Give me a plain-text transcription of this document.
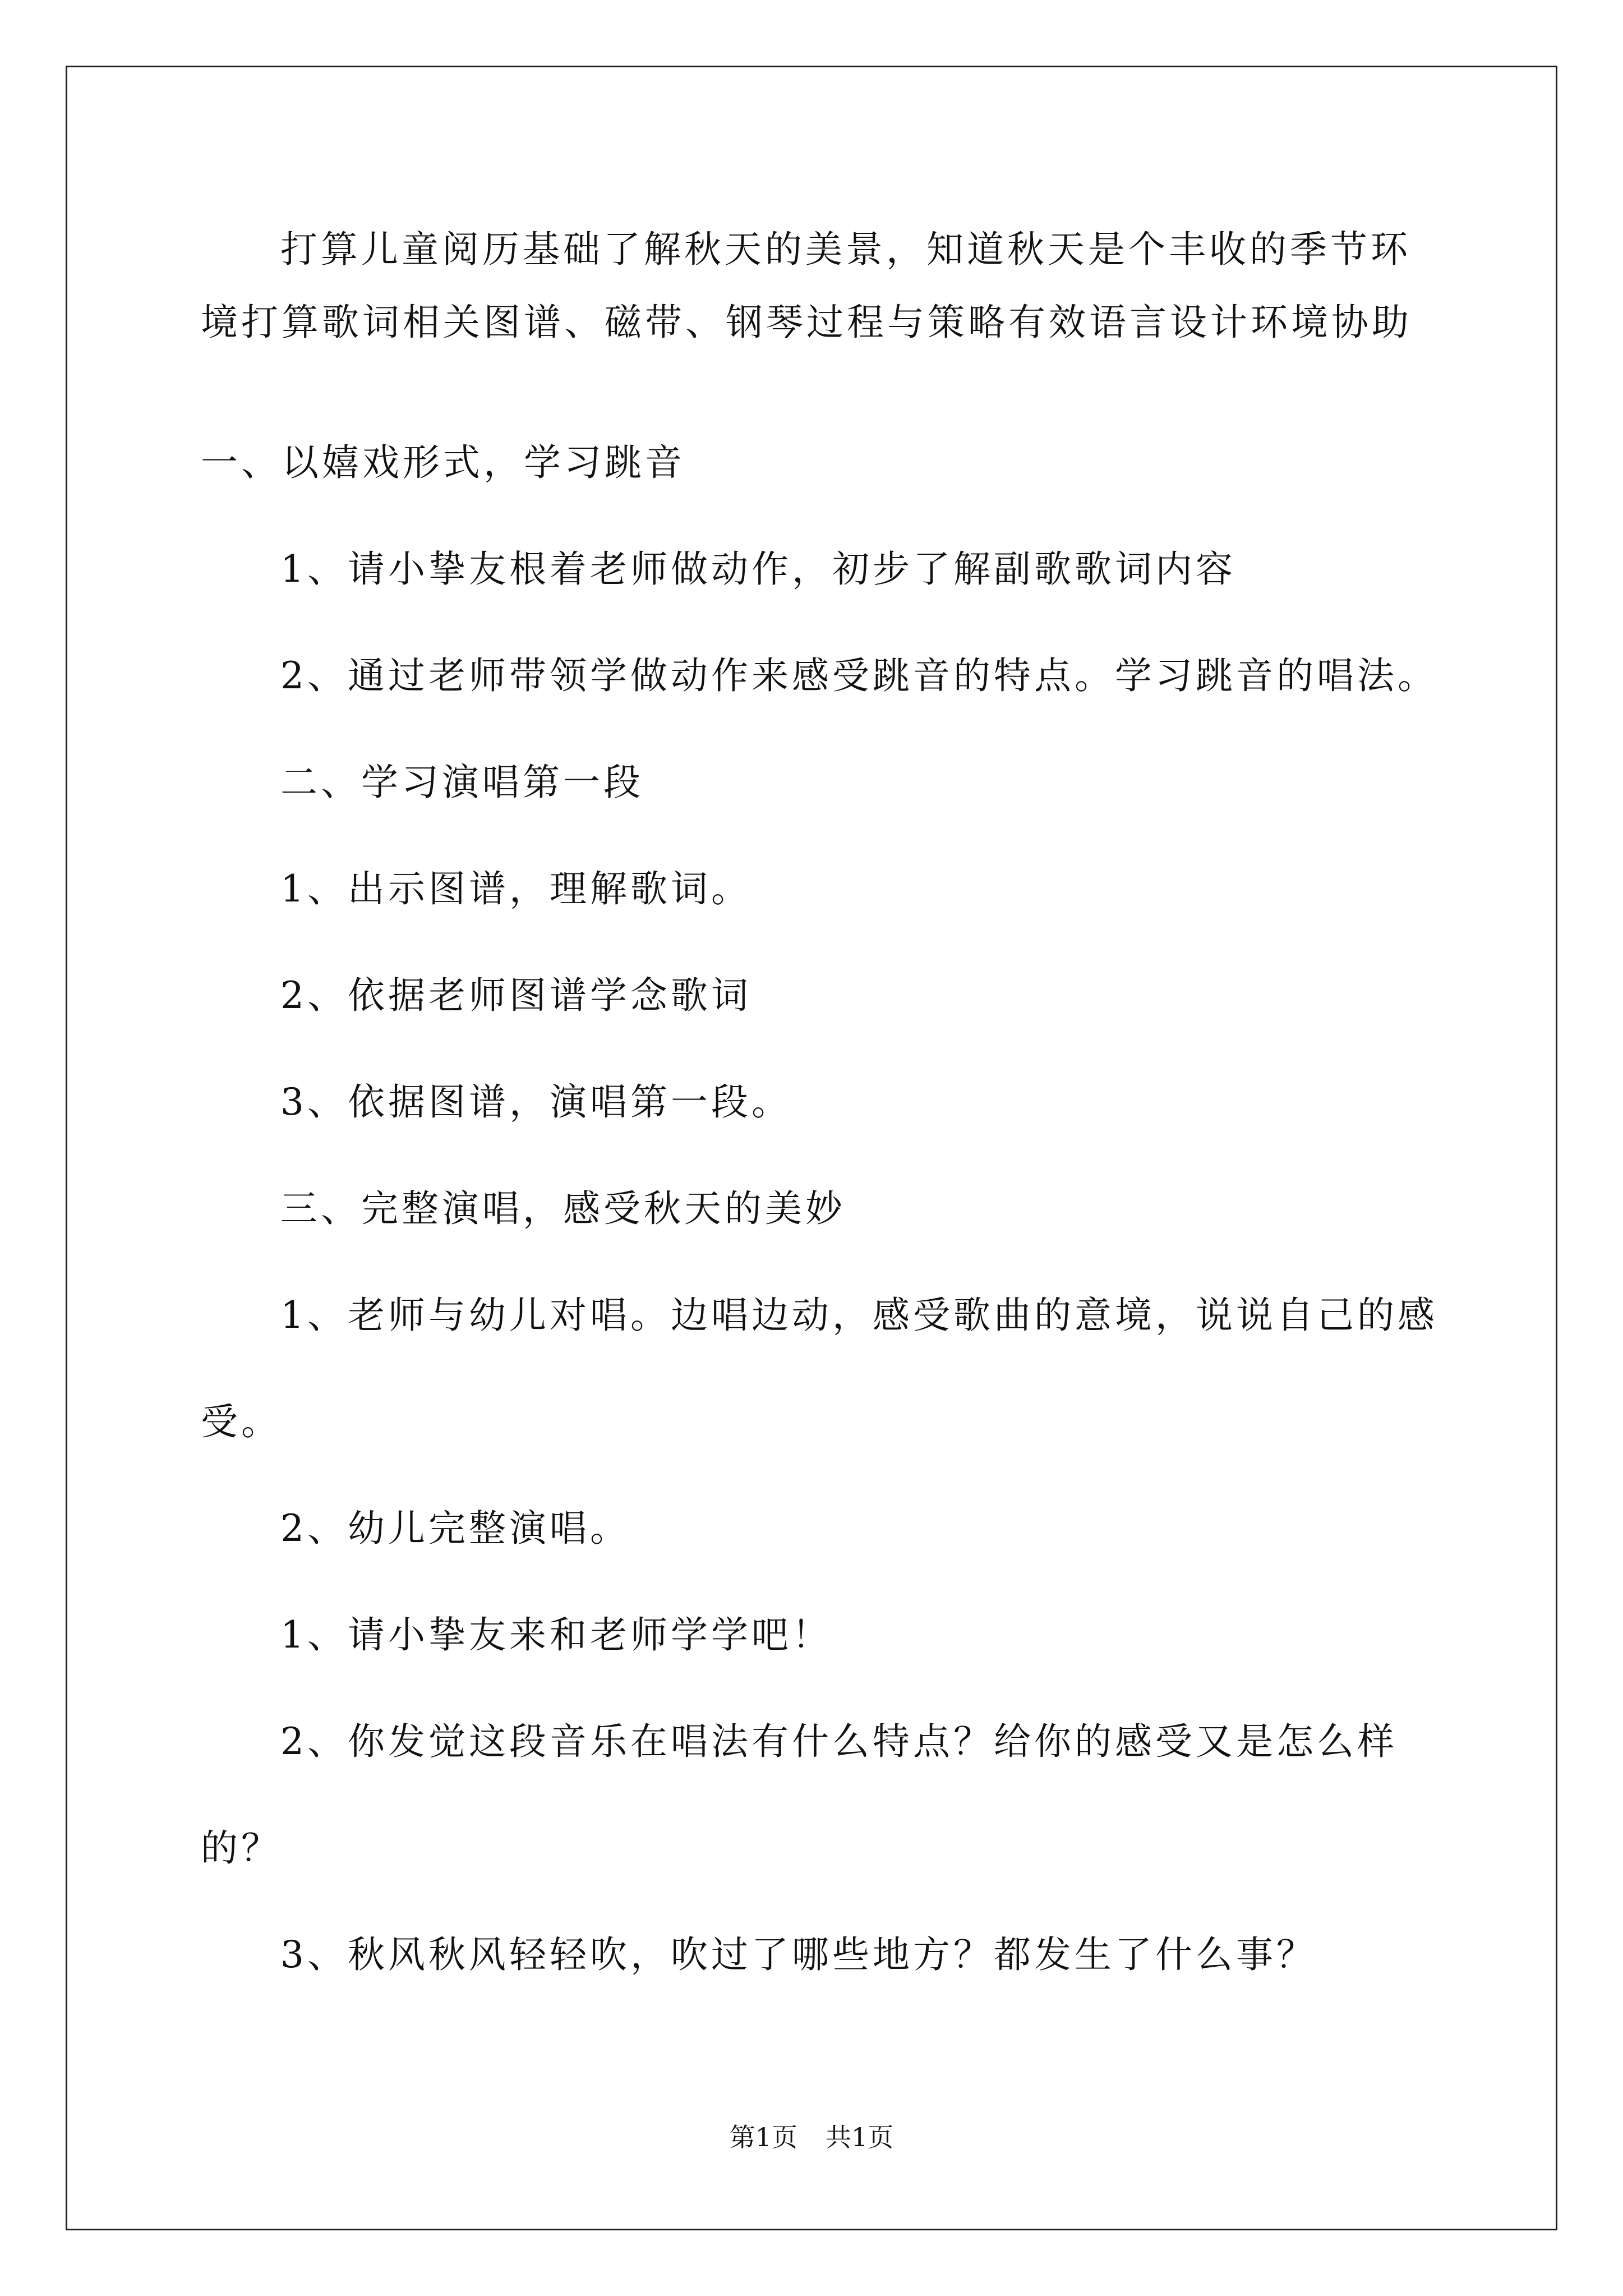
打算儿童阅历基础了解秋天的美景，知道秋天是个丰收的季节环
境打算歌词相关图谱、磁带、钢琴过程与策略有效语言设计环境协助
一、以嬉戏形式，学习跳音
1、请小挚友根着老师做动作，初步了解副歌歌词内容
2、通过老师带领学做动作来感受跳音的特点。学习跳音的唱法。
二、学习演唱第一段
1、出示图谱，理解歌词。
2、依据老师图谱学念歌词
3、依据图谱，演唱第一段。
三、完整演唱，感受秋天的美妙
1、老师与幼儿对唱。边唱边动，感受歌曲的意境，说说自己的感
受。
2、幼儿完整演唱。
1、请小挚友来和老师学学吧！
2、你发觉这段音乐在唱法有什么特点？给你的感受又是怎么样
的？
3、秋风秋风轻轻吹，吹过了哪些地方？都发生了什么事？
第1页 共1页
